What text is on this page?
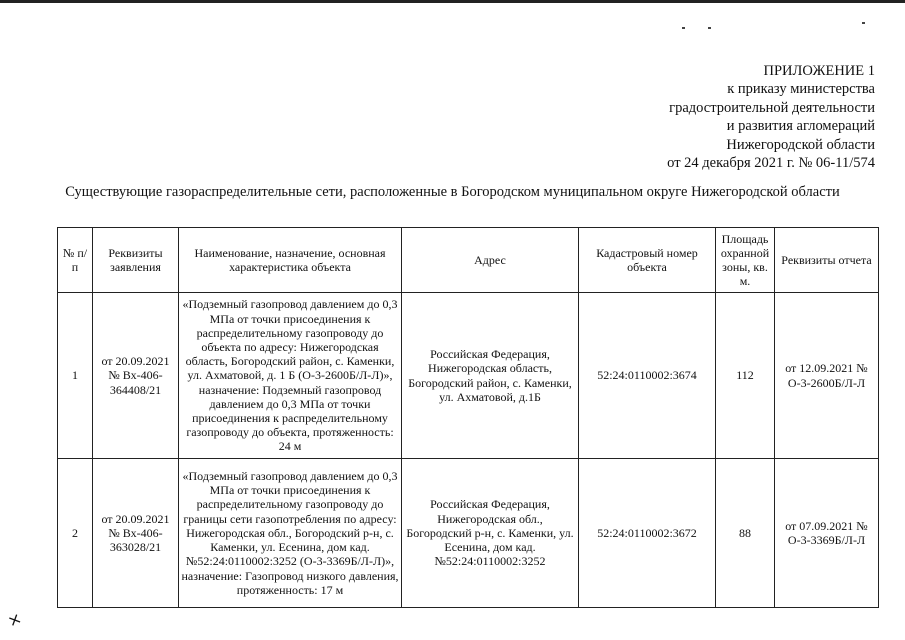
ПРИЛОЖЕНИЕ 1
к приказу министерства
градостроительной деятельности
и развития агломераций
Нижегородской области
от 24 декабря 2021 г. № 06-11/574
Существующие газораспределительные сети, расположенные в Богородском муниципальном округе Нижегородской области
№ п/п	Реквизиты заявления	Наименование, назначение, основная характеристика объекта	Адрес	Кадастровый номер объекта	Площадь охранной зоны, кв. м.	Реквизиты отчета
1	от 20.09.2021 № Вх-406-364408/21	«Подземный газопровод давлением до 0,3 МПа от точки присоединения к распределительному газопроводу до объекта по адресу: Нижегородская область, Богородский район, с. Каменки, ул. Ахматовой, д. 1 Б (О-3-2600Б/Л-Л)», назначение: Подземный газопровод давлением до 0,3 МПа от точки присоединения к распределительному газопроводу до объекта, протяженность: 24 м	Российская Федерация, Нижегородская область, Богородский район, с. Каменки, ул. Ахматовой, д.1Б	52:24:0110002:3674	112	от 12.09.2021 № О-3-2600Б/Л-Л
2	от 20.09.2021 № Вх-406-363028/21	«Подземный газопровод давлением до 0,3 МПа от точки присоединения к распределительному газопроводу до границы сети газопотребления по адресу: Нижегородская обл., Богородский р-н, с. Каменки, ул. Есенина, дом кад. №52:24:0110002:3252 (О-3-3369Б/Л-Л)», назначение: Газопровод низкого давления, протяженность: 17 м	Российская Федерация, Нижегородская обл., Богородский р-н, с. Каменки, ул. Есенина, дом кад. №52:24:0110002:3252	52:24:0110002:3672	88	от 07.09.2021 № О-3-3369Б/Л-Л
⨯
